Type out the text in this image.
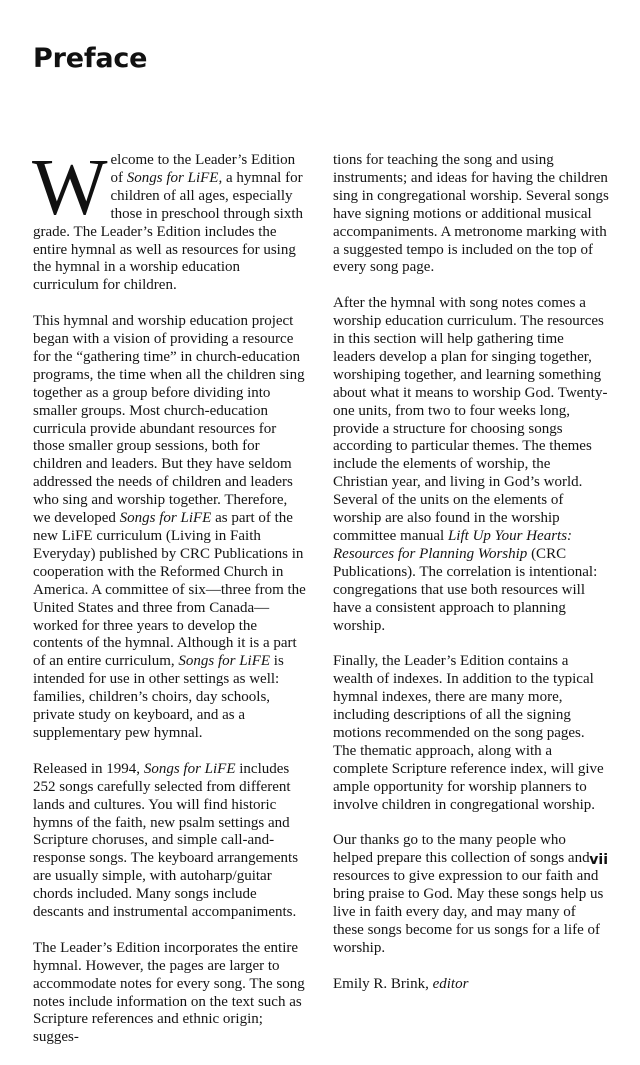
Preface

Welcome to the Leader’s Edition of Songs for LiFE, a hymnal for children of all ages, especially those in preschool through sixth grade. The Leader’s Edition includes the entire hymnal as well as resources for using the hymnal in a worship education curriculum for children.

This hymnal and worship education project began with a vision of providing a resource for the “gathering time” in church-education programs, the time when all the children sing together as a group before dividing into smaller groups. Most church-education curricula provide abundant resources for those smaller group sessions, both for children and leaders. But they have seldom addressed the needs of children and leaders who sing and worship together. Therefore, we developed Songs for LiFE as part of the new LiFE curriculum (Living in Faith Everyday) published by CRC Publications in cooperation with the Reformed Church in America. A committee of six—three from the United States and three from Canada—worked for three years to develop the contents of the hymnal. Although it is a part of an entire curriculum, Songs for LiFE is intended for use in other settings as well: families, children’s choirs, day schools, private study on keyboard, and as a supplementary pew hymnal.

Released in 1994, Songs for LiFE includes 252 songs carefully selected from different lands and cultures. You will find historic hymns of the faith, new psalm settings and Scripture choruses, and simple call-and-response songs. The keyboard arrangements are usually simple, with autoharp/guitar chords included. Many songs include descants and instrumental accompaniments.

The Leader’s Edition incorporates the entire hymnal. However, the pages are larger to accommodate notes for every song. The song notes include information on the text such as Scripture references and ethnic origin; sugges-

tions for teaching the song and using instruments; and ideas for having the children sing in congregational worship. Several songs have signing motions or additional musical accompaniments. A metronome marking with a suggested tempo is included on the top of every song page.

After the hymnal with song notes comes a worship education curriculum. The resources in this section will help gathering time leaders develop a plan for singing together, worshiping together, and learning something about what it means to worship God. Twenty-one units, from two to four weeks long, provide a structure for choosing songs according to particular themes. The themes include the elements of worship, the Christian year, and living in God’s world. Several of the units on the elements of worship are also found in the worship committee manual Lift Up Your Hearts: Resources for Planning Worship (CRC Publications). The correlation is intentional: congregations that use both resources will have a consistent approach to planning worship.

Finally, the Leader’s Edition contains a wealth of indexes. In addition to the typical hymnal indexes, there are many more, including descriptions of all the signing motions recommended on the song pages. The thematic approach, along with a complete Scripture reference index, will give ample opportunity for worship planners to involve children in congregational worship.

Our thanks go to the many people who helped prepare this collection of songs and resources to give expression to our faith and bring praise to God. May these songs help us live in faith every day, and may many of these songs become for us songs for a life of worship.

Emily R. Brink, editor

vii
